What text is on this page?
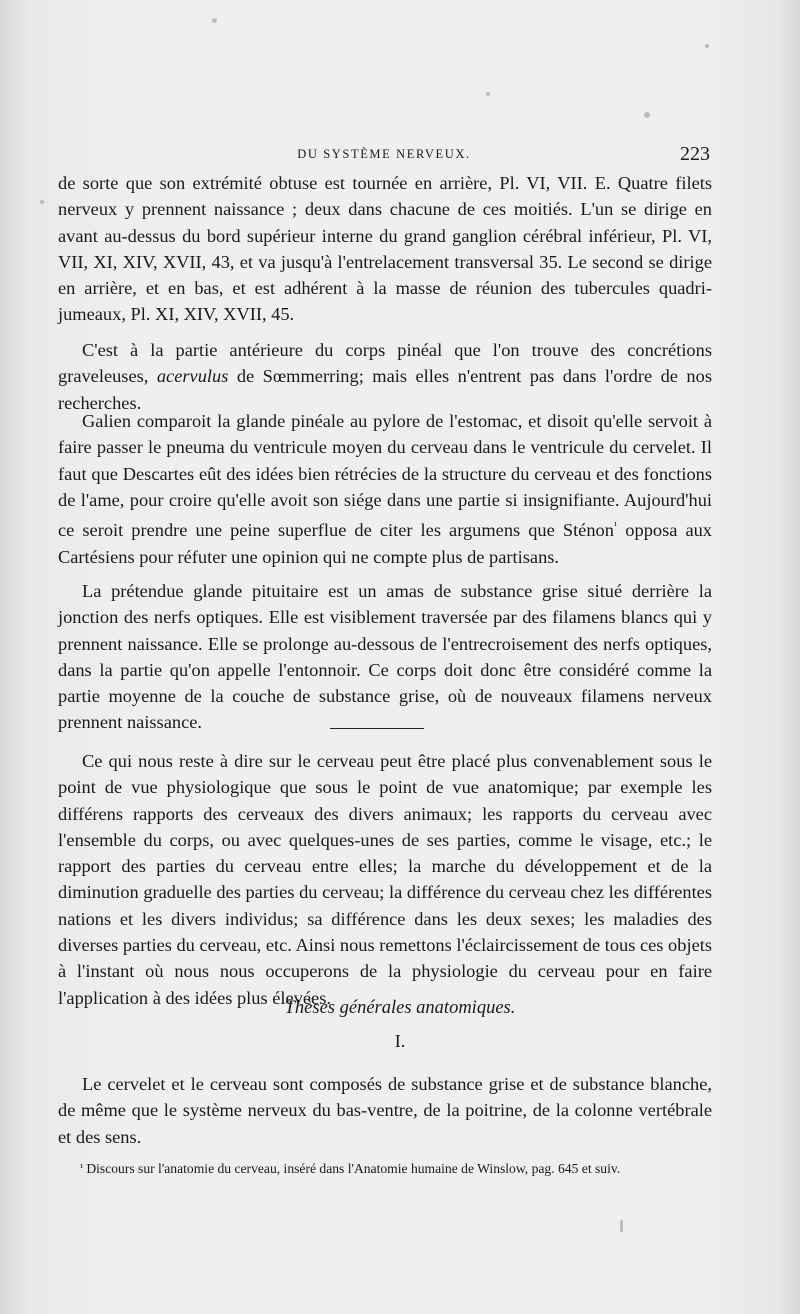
DU SYSTÈME NERVEUX.	223

de sorte que son extrémité obtuse est tournée en arrière, Pl. VI, VII. E. Quatre filets nerveux y prennent naissance ; deux dans chacune de ces moitiés. L'un se dirige en avant au-dessus du bord supérieur interne du grand ganglion cérébral inférieur, Pl. VI, VII, XI, XIV, XVII, 43, et va jusqu'à l'entrelacement transversal 35. Le second se dirige en arrière, et en bas, et est adhérent à la masse de réunion des tubercules quadri-jumeaux, Pl. XI, XIV, XVII, 45.

C'est à la partie antérieure du corps pinéal que l'on trouve des concrétions graveleuses, acervulus de Sœmmerring; mais elles n'entrent pas dans l'ordre de nos recherches.

Galien comparoit la glande pinéale au pylore de l'estomac, et disoit qu'elle servoit à faire passer le pneuma du ventricule moyen du cerveau dans le ventricule du cervelet. Il faut que Descartes eût des idées bien rétrécies de la structure du cerveau et des fonctions de l'ame, pour croire qu'elle avoit son siége dans une partie si insignifiante. Aujourd'hui ce seroit prendre une peine superflue de citer les argumens que Sténon$^{^1}$ opposa aux Cartésiens pour réfuter une opinion qui ne compte plus de partisans.

La prétendue glande pituitaire est un amas de substance grise situé derrière la jonction des nerfs optiques. Elle est visiblement traversée par des filamens blancs qui y prennent naissance. Elle se prolonge au-dessous de l'entrecroisement des nerfs optiques, dans la partie qu'on appelle l'entonnoir. Ce corps doit donc être considéré comme la partie moyenne de la couche de substance grise, où de nouveaux filamens nerveux prennent naissance.

Ce qui nous reste à dire sur le cerveau peut être placé plus convenablement sous le point de vue physiologique que sous le point de vue anatomique; par exemple les différens rapports des cerveaux des divers animaux; les rapports du cerveau avec l'ensemble du corps, ou avec quelques-unes de ses parties, comme le visage, etc.; le rapport des parties du cerveau entre elles; la marche du développement et de la diminution graduelle des parties du cerveau; la différence du cerveau chez les différentes nations et les divers individus; sa différence dans les deux sexes; les maladies des diverses parties du cerveau, etc. Ainsi nous remettons l'éclaircissement de tous ces objets à l'instant où nous nous occuperons de la physiologie du cerveau pour en faire l'application à des idées plus élevées.

Thèses générales anatomiques.
I.

Le cervelet et le cerveau sont composés de substance grise et de substance blanche, de même que le système nerveux du bas-ventre, de la poitrine, de la colonne vertébrale et des sens.

¹ Discours sur l'anatomie du cerveau, inséré dans l'Anatomie humaine de Winslow, pag. 645 et suiv.
